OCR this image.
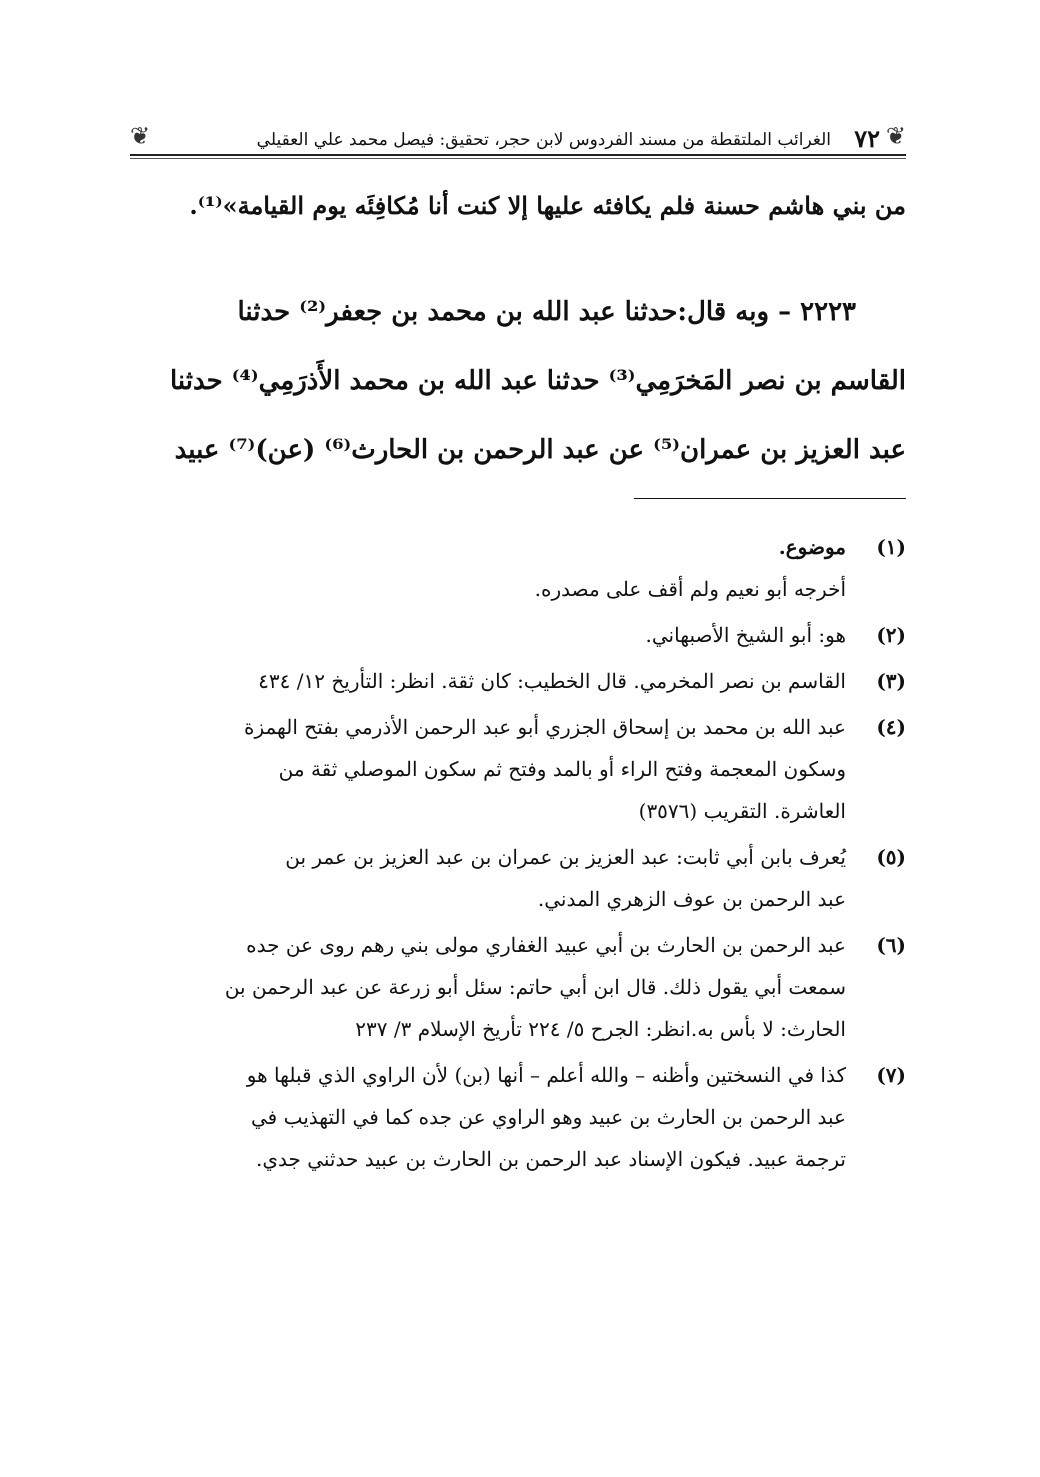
❦
٧٢
الغرائب الملتقطة من مسند الفردوس لابن حجر، تحقيق: فيصل محمد علي العقيلي
❦
من بني هاشم حسنة فلم يكافئه عليها إلا كنت أنا مُكافِئَه يوم القيامة»⁽¹⁾.
٢٢٢٣ – وبه قال:حدثنا عبد الله بن محمد بن جعفر⁽²⁾ حدثنا
القاسم بن نصر المَخرَمِي⁽³⁾ حدثنا عبد الله بن محمد الأَذرَمِي⁽⁴⁾ حدثنا
عبد العزيز بن عمران⁽⁵⁾ عن عبد الرحمن بن الحارث⁽⁶⁾ (عن)⁽⁷⁾ عبيد
(١)
موضوع.
أخرجه أبو نعيم ولم أقف على مصدره.
(٢)
هو: أبو الشيخ الأصبهاني.
(٣)
القاسم بن نصر المخرمي. قال الخطيب: كان ثقة. انظر: التأريخ ١٢/ ٤٣٤
(٤)
عبد الله بن محمد بن إسحاق الجزري أبو عبد الرحمن الأذرمي بفتح الهمزة
وسكون المعجمة وفتح الراء أو بالمد وفتح ثم سكون الموصلي ثقة من
العاشرة. التقريب (٣٥٧٦)
(٥)
يُعرف بابن أبي ثابت: عبد العزيز بن عمران بن عبد العزيز بن عمر بن
عبد الرحمن بن عوف الزهري المدني.
(٦)
عبد الرحمن بن الحارث بن أبي عبيد الغفاري مولى بني رهم روى عن جده
سمعت أبي يقول ذلك. قال ابن أبي حاتم: سئل أبو زرعة عن عبد الرحمن بن
الحارث: لا بأس به.انظر: الجرح ٥/ ٢٢٤ تأريخ الإسلام ٣/ ٢٣٧
(٧)
كذا في النسختين وأظنه – والله أعلم – أنها (بن) لأن الراوي الذي قبلها هو
عبد الرحمن بن الحارث بن عبيد وهو الراوي عن جده كما في التهذيب في
ترجمة عبيد. فيكون الإسناد عبد الرحمن بن الحارث بن عبيد حدثني جدي.
